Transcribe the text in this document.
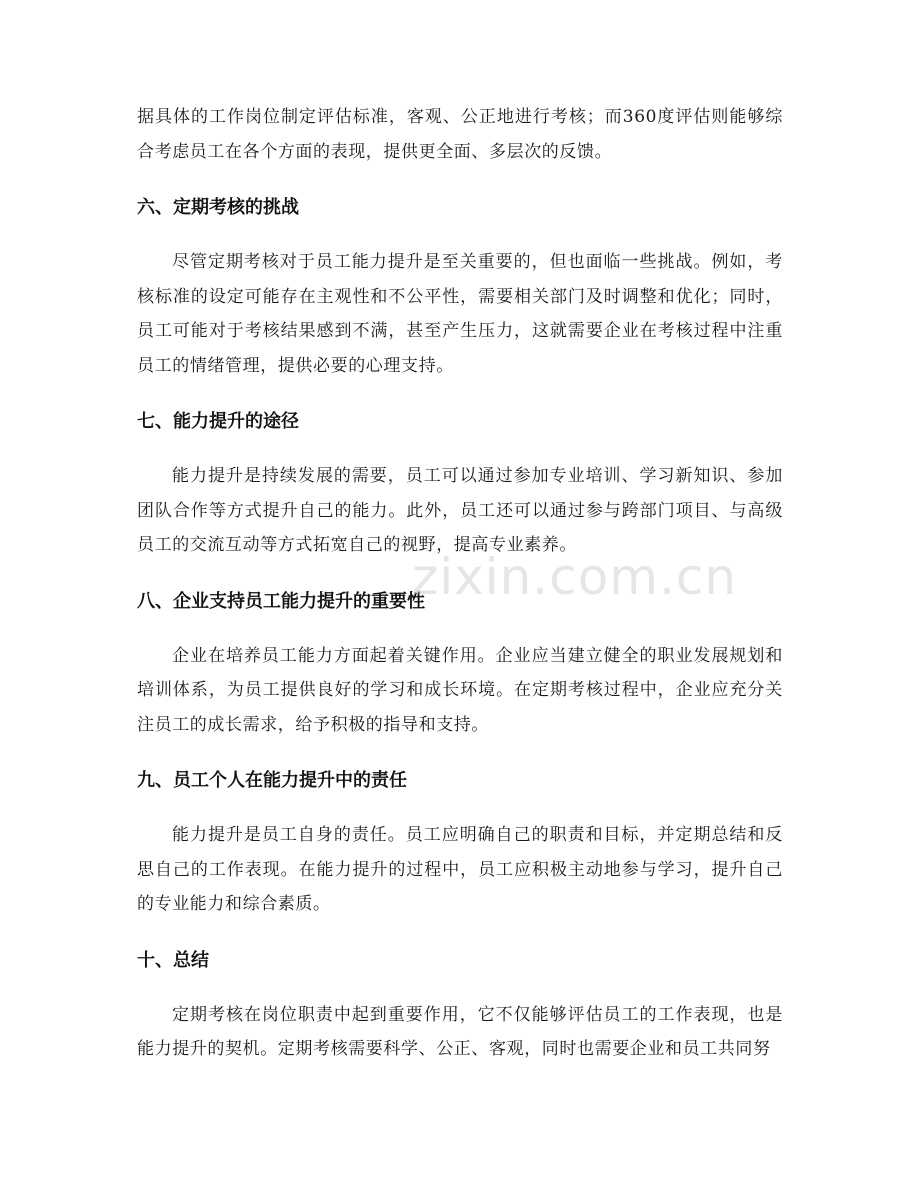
据具体的工作岗位制定评估标准，客观、公正地进行考核；而360度评估则能够综合考虑员工在各个方面的表现，提供更全面、多层次的反馈。

六、定期考核的挑战

尽管定期考核对于员工能力提升是至关重要的，但也面临一些挑战。例如，考核标准的设定可能存在主观性和不公平性，需要相关部门及时调整和优化；同时，员工可能对于考核结果感到不满，甚至产生压力，这就需要企业在考核过程中注重员工的情绪管理，提供必要的心理支持。

七、能力提升的途径

能力提升是持续发展的需要，员工可以通过参加专业培训、学习新知识、参加团队合作等方式提升自己的能力。此外，员工还可以通过参与跨部门项目、与高级员工的交流互动等方式拓宽自己的视野，提高专业素养。

八、企业支持员工能力提升的重要性

企业在培养员工能力方面起着关键作用。企业应当建立健全的职业发展规划和培训体系，为员工提供良好的学习和成长环境。在定期考核过程中，企业应充分关注员工的成长需求，给予积极的指导和支持。

九、员工个人在能力提升中的责任

能力提升是员工自身的责任。员工应明确自己的职责和目标，并定期总结和反思自己的工作表现。在能力提升的过程中，员工应积极主动地参与学习，提升自己的专业能力和综合素质。

十、总结

定期考核在岗位职责中起到重要作用，它不仅能够评估员工的工作表现，也是能力提升的契机。定期考核需要科学、公正、客观，同时也需要企业和员工共同努

zixin.com.cn
